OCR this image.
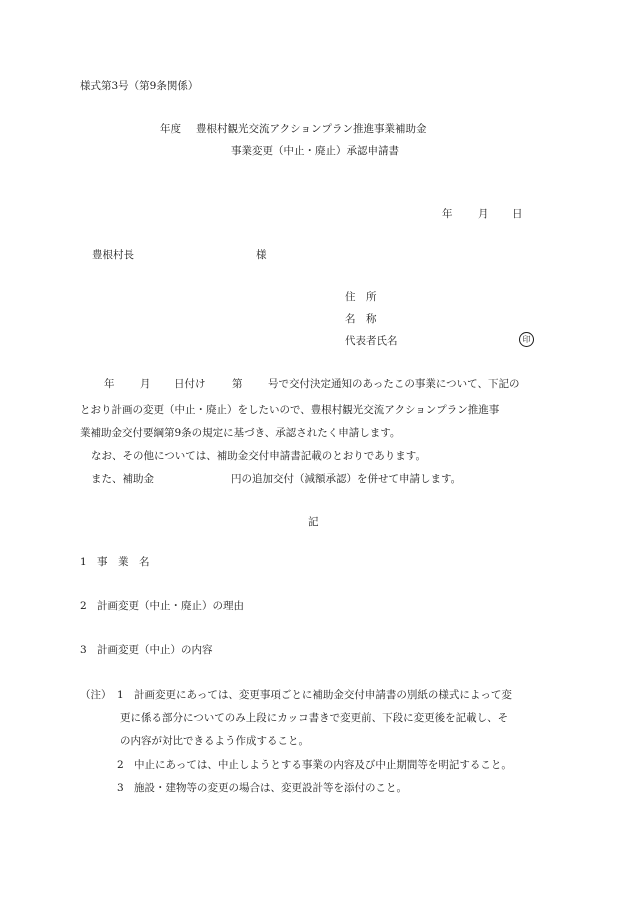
様式第3号（第9条関係）
年度 豊根村観光交流アクションプラン推進事業補助金
事業変更（中止・廃止）承認申請書
年 月 日
豊根村長	様
住　所
名　称
代表者氏名	印
年 月 日付け	第 号で交付決定通知のあったこの事業について、下記の
とおり計画の変更（中止・廃止）をしたいので、豊根村観光交流アクションプラン推進事
業補助金交付要綱第9条の規定に基づき、承認されたく申請します。
なお、その他については、補助金交付申請書記載のとおりであります。
また、補助金	円の追加交付（減額承認）を併せて申請します。
記
1 事　業　名
2 計画変更（中止・廃止）の理由
3 計画変更（中止）の内容
（注） 1 計画変更にあっては、変更事項ごとに補助金交付申請書の別紙の様式によって変
更に係る部分についてのみ上段にカッコ書きで変更前、下段に変更後を記載し、そ
の内容が対比できるよう作成すること。
2 中止にあっては、中止しようとする事業の内容及び中止期間等を明記すること。
3 施設・建物等の変更の場合は、変更設計等を添付のこと。
